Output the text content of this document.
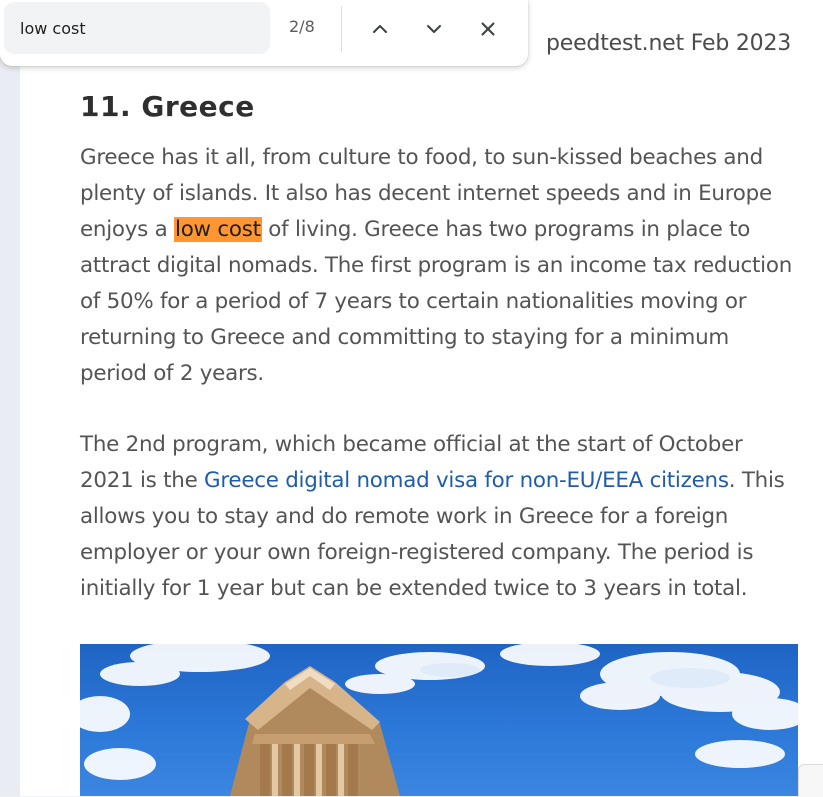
peedtest.net Feb 2023
11. Greece

Greece has it all, from culture to food, to sun-kissed beaches and plenty of islands. It also has decent internet speeds and in Europe enjoys a low cost of living. Greece has two programs in place to attract digital nomads. The first program is an income tax reduction of 50% for a period of 7 years to certain nationalities moving or returning to Greece and committing to staying for a minimum period of 2 years.

The 2nd program, which became official at the start of October 2021 is the Greece digital nomad visa for non-EU/EEA citizens. This allows you to stay and do remote work in Greece for a foreign employer or your own foreign-registered company. The period is initially for 1 year but can be extended twice to 3 years in total.

low cost
2/8
